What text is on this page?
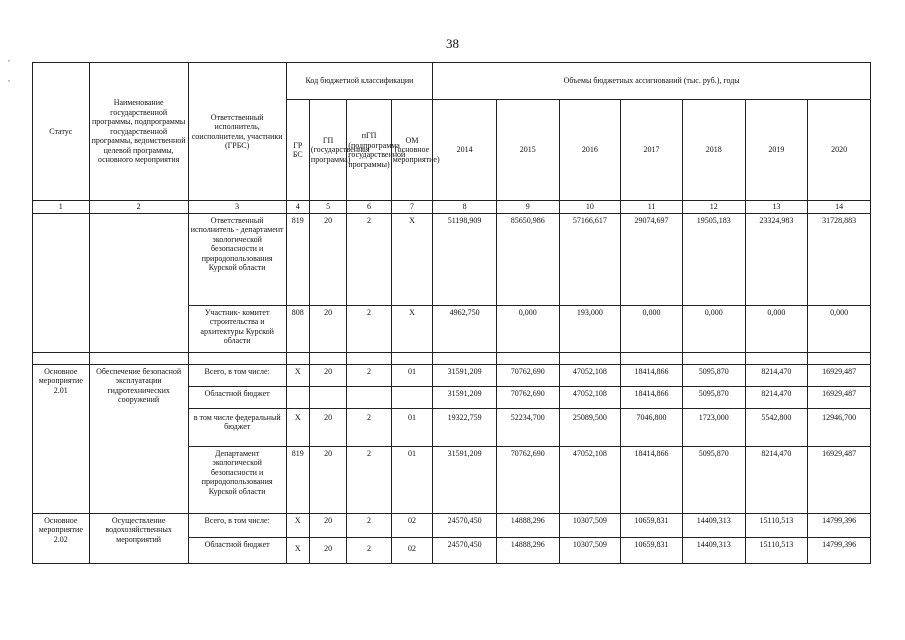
38
,
,
Статус	Наименование государственной программы, подпрограммы государственной программы, ведомственной целевой программы, основного мероприятия	Ответственный исполнитель, соисполнители, участники (ГРБС)	Код бюджетной классификации				Объемы бюджетных ассигнований (тыс. руб.), годы						
			ГР БС	ГП (государственная программа)	пГП (подпрограмма государственной программы)	ОМ (основное мероприятие)	2014	2015	2016	2017	2018	2019	2020
1	2	3	4	5	6	7	8	9	10	11	12	13	14
		Ответственный исполнитель - департамент экологической безопасности и природопользования Курской области	819	20	2	X	51198,909	85650,986	57166,617	29074,697	19505,183	23324,983	31728,883
		Участник- комитет строительства и архитектуры Курской области	808	20	2	X	4962,750	0,000	193,000	0,000	0,000	0,000	0,000

Основное мероприятие 2.01	Обеспечение безопасной эксплуатации гидротехнических сооружений	Всего, в том числе:	X	20	2	01	31591,209	70762,690	47052,108	18414,866	5095,870	8214,470	16929,487
		Областной бюджет					31591,209	70762,690	47052,108	18414,866	5095,870	8214,470	16929,487
		в том числе федеральный бюджет	X	20	2	01	19322,759	52234,700	25089,500	7046,800	1723,000	5542,800	12946,700
		Департамент экологической безопасности и природопользования Курской области	819	20	2	01	31591,209	70762,690	47052,108	18414,866	5095,870	8214,470	16929,487
Основное мероприятие 2.02	Осуществление водохозяйственных мероприятий	Всего, в том числе:	X	20	2	02	24570,450	14888,296	10307,509	10659,831	14409,313	15110,513	14799,396
		Областной бюджет	X	20	2	02	24570,450	14888,296	10307,509	10659,831	14409,313	15110,513	14799,396
